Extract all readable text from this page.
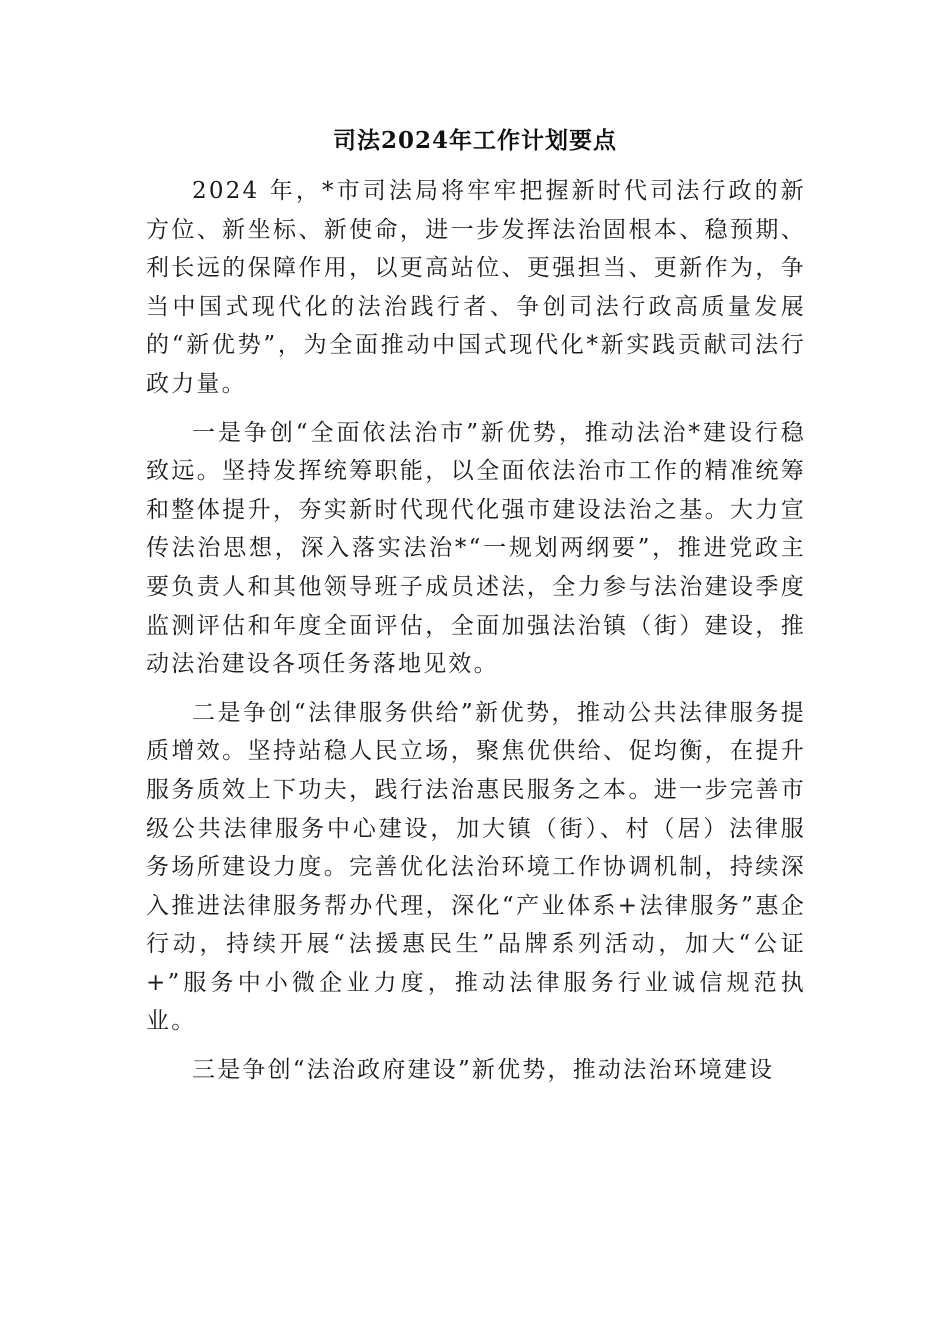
司法2024年工作计划要点

2024 年，*市司法局将牢牢把握新时代司法行政的新方位、新坐标、新使命，进一步发挥法治固根本、稳预期、利长远的保障作用，以更高站位、更强担当、更新作为，争当中国式现代化的法治践行者、争创司法行政高质量发展的“新优势”，为全面推动中国式现代化*新实践贡献司法行政力量。

一是争创“全面依法治市”新优势，推动法治*建设行稳致远。坚持发挥统筹职能，以全面依法治市工作的精准统筹和整体提升，夯实新时代现代化强市建设法治之基。大力宣传法治思想，深入落实法治*“一规划两纲要”，推进党政主要负责人和其他领导班子成员述法，全力参与法治建设季度监测评估和年度全面评估，全面加强法治镇（街）建设，推动法治建设各项任务落地见效。

二是争创“法律服务供给”新优势，推动公共法律服务提质增效。坚持站稳人民立场，聚焦优供给、促均衡，在提升服务质效上下功夫，践行法治惠民服务之本。进一步完善市级公共法律服务中心建设，加大镇（街）、村（居）法律服务场所建设力度。完善优化法治环境工作协调机制，持续深入推进法律服务帮办代理，深化“产业体系+法律服务”惠企行动，持续开展“法援惠民生”品牌系列活动，加大“公证+”服务中小微企业力度，推动法律服务行业诚信规范执业。

三是争创“法治政府建设”新优势，推动法治环境建设
